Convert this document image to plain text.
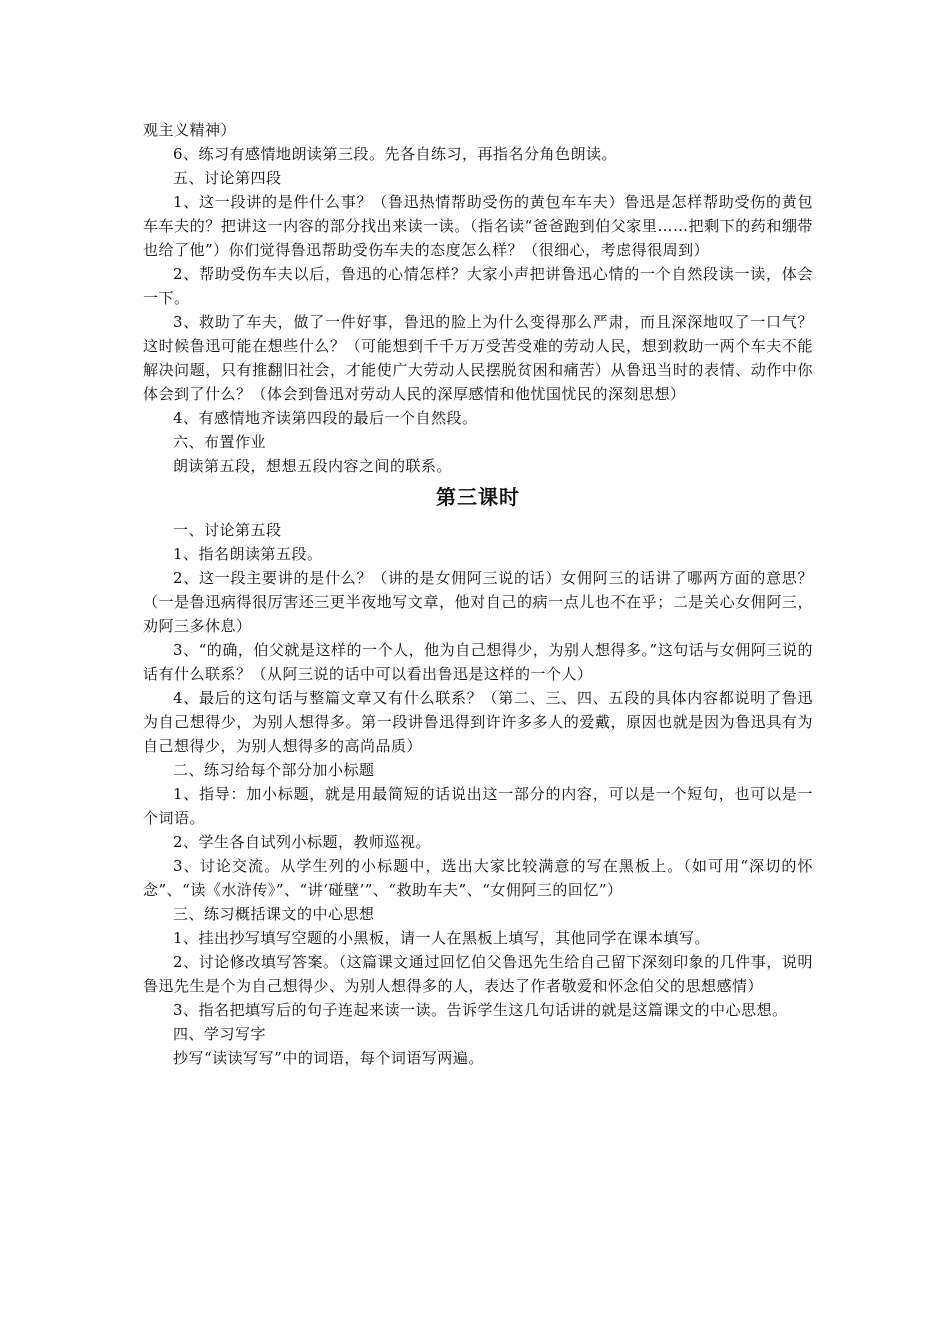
观主义精神）

6、练习有感情地朗读第三段。先各自练习，再指名分角色朗读。

五、讨论第四段

1、这一段讲的是件什么事？（鲁迅热情帮助受伤的黄包车车夫）鲁迅是怎样帮助受伤的黄包车车夫的？把讲这一内容的部分找出来读一读。（指名读“爸爸跑到伯父家里……把剩下的药和绷带也给了他”）你们觉得鲁迅帮助受伤车夫的态度怎么样？（很细心，考虑得很周到）

2、帮助受伤车夫以后，鲁迅的心情怎样？大家小声把讲鲁迅心情的一个自然段读一读，体会一下。

3、救助了车夫，做了一件好事，鲁迅的脸上为什么变得那么严肃，而且深深地叹了一口气？这时候鲁迅可能在想些什么？（可能想到千千万万受苦受难的劳动人民，想到救助一两个车夫不能解决问题，只有推翻旧社会，才能使广大劳动人民摆脱贫困和痛苦）从鲁迅当时的表情、动作中你体会到了什么？（体会到鲁迅对劳动人民的深厚感情和他忧国忧民的深刻思想）

4、有感情地齐读第四段的最后一个自然段。

六、布置作业

朗读第五段，想想五段内容之间的联系。

第三课时

一、讨论第五段

1、指名朗读第五段。

2、这一段主要讲的是什么？（讲的是女佣阿三说的话）女佣阿三的话讲了哪两方面的意思？（一是鲁迅病得很厉害还三更半夜地写文章，他对自己的病一点儿也不在乎；二是关心女佣阿三，劝阿三多休息）

3、“的确，伯父就是这样的一个人，他为自己想得少，为别人想得多。”这句话与女佣阿三说的话有什么联系？（从阿三说的话中可以看出鲁迅是这样的一个人）

4、最后的这句话与整篇文章又有什么联系？（第二、三、四、五段的具体内容都说明了鲁迅为自己想得少，为别人想得多。第一段讲鲁迅得到许许多多人的爱戴，原因也就是因为鲁迅具有为自己想得少，为别人想得多的高尚品质）

二、练习给每个部分加小标题

1、指导：加小标题，就是用最简短的话说出这一部分的内容，可以是一个短句，也可以是一个词语。

2、学生各自试列小标题，教师巡视。

3、讨论交流。从学生列的小标题中，选出大家比较满意的写在黑板上。（如可用“深切的怀念”、“读《水浒传》”、“讲‘碰壁’”、“救助车夫”、“女佣阿三的回忆”）

三、练习概括课文的中心思想

1、挂出抄写填写空题的小黑板，请一人在黑板上填写，其他同学在课本填写。

2、讨论修改填写答案。（这篇课文通过回忆伯父鲁迅先生给自己留下深刻印象的几件事，说明鲁迅先生是个为自己想得少、为别人想得多的人，表达了作者敬爱和怀念伯父的思想感情）

3、指名把填写后的句子连起来读一读。告诉学生这几句话讲的就是这篇课文的中心思想。

四、学习写字

抄写“读读写写”中的词语，每个词语写两遍。
